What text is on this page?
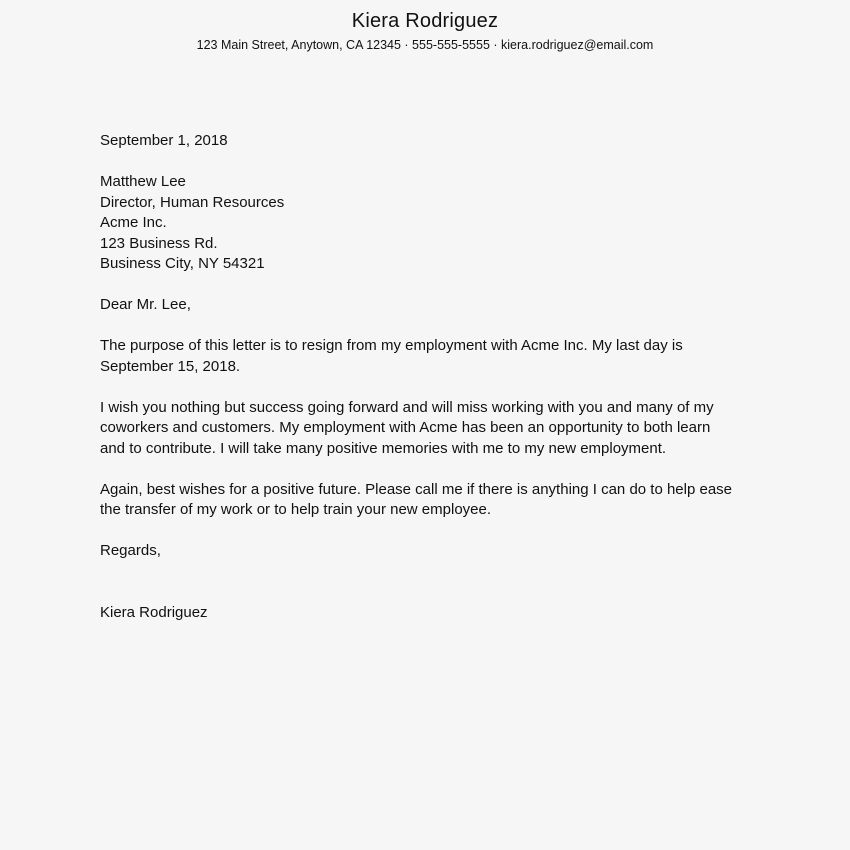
Kiera Rodriguez
123 Main Street, Anytown, CA 12345 · 555-555-5555 · kiera.rodriguez@email.com
September 1, 2018
Matthew Lee
Director, Human Resources
Acme Inc.
123 Business Rd.
Business City, NY 54321
Dear Mr. Lee,
The purpose of this letter is to resign from my employment with Acme Inc. My last day is
September 15, 2018.
I wish you nothing but success going forward and will miss working with you and many of my
coworkers and customers. My employment with Acme has been an opportunity to both learn
and to contribute. I will take many positive memories with me to my new employment.
Again, best wishes for a positive future. Please call me if there is anything I can do to help ease
the transfer of my work or to help train your new employee.
Regards,
Kiera Rodriguez
